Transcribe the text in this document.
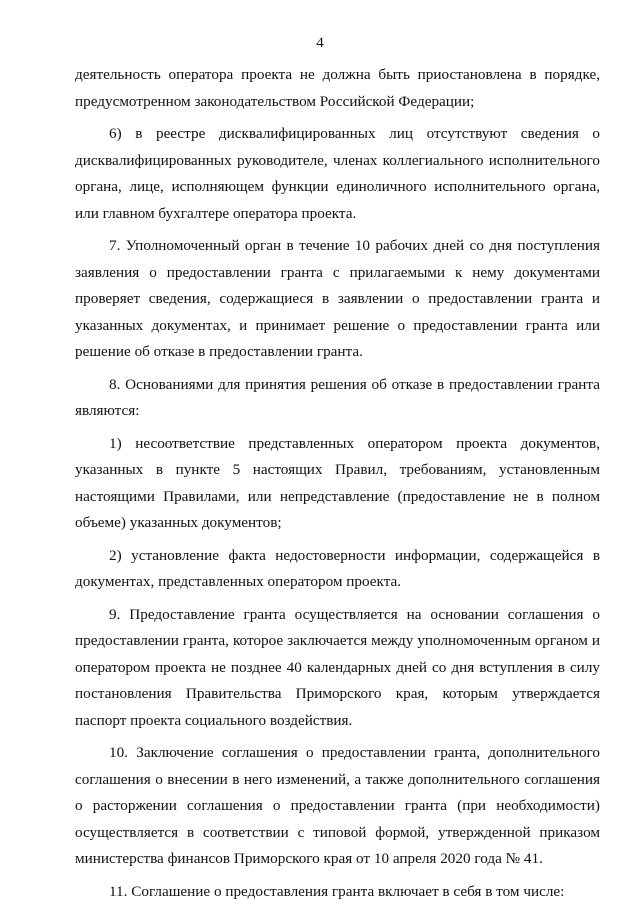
4

деятельность оператора проекта не должна быть приостановлена в порядке, предусмотренном законодательством Российской Федерации;

6) в реестре дисквалифицированных лиц отсутствуют сведения о дисквалифицированных руководителе, членах коллегиального исполнительного органа, лице, исполняющем функции единоличного исполнительного органа, или главном бухгалтере оператора проекта.

7. Уполномоченный орган в течение 10 рабочих дней со дня поступления заявления о предоставлении гранта с прилагаемыми к нему документами проверяет сведения, содержащиеся в заявлении о предоставлении гранта и указанных документах, и принимает решение о предоставлении гранта или решение об отказе в предоставлении гранта.

8. Основаниями для принятия решения об отказе в предоставлении гранта являются:

1) несоответствие представленных оператором проекта документов, указанных в пункте 5 настоящих Правил, требованиям, установленным настоящими Правилами, или непредставление (предоставление не в полном объеме) указанных документов;

2) установление факта недостоверности информации, содержащейся в документах, представленных оператором проекта.

9. Предоставление гранта осуществляется на основании соглашения о предоставлении гранта, которое заключается между уполномоченным органом и оператором проекта не позднее 40 календарных дней со дня вступления в силу постановления Правительства Приморского края, которым утверждается паспорт проекта социального воздействия.

10. Заключение соглашения о предоставлении гранта, дополнительного соглашения о внесении в него изменений, а также дополнительного соглашения о расторжении соглашения о предоставлении гранта (при необходимости) осуществляется в соответствии с типовой формой, утвержденной приказом министерства финансов Приморского края от 10 апреля 2020 года № 41.

11. Соглашение о предоставления гранта включает в себя в том числе:
